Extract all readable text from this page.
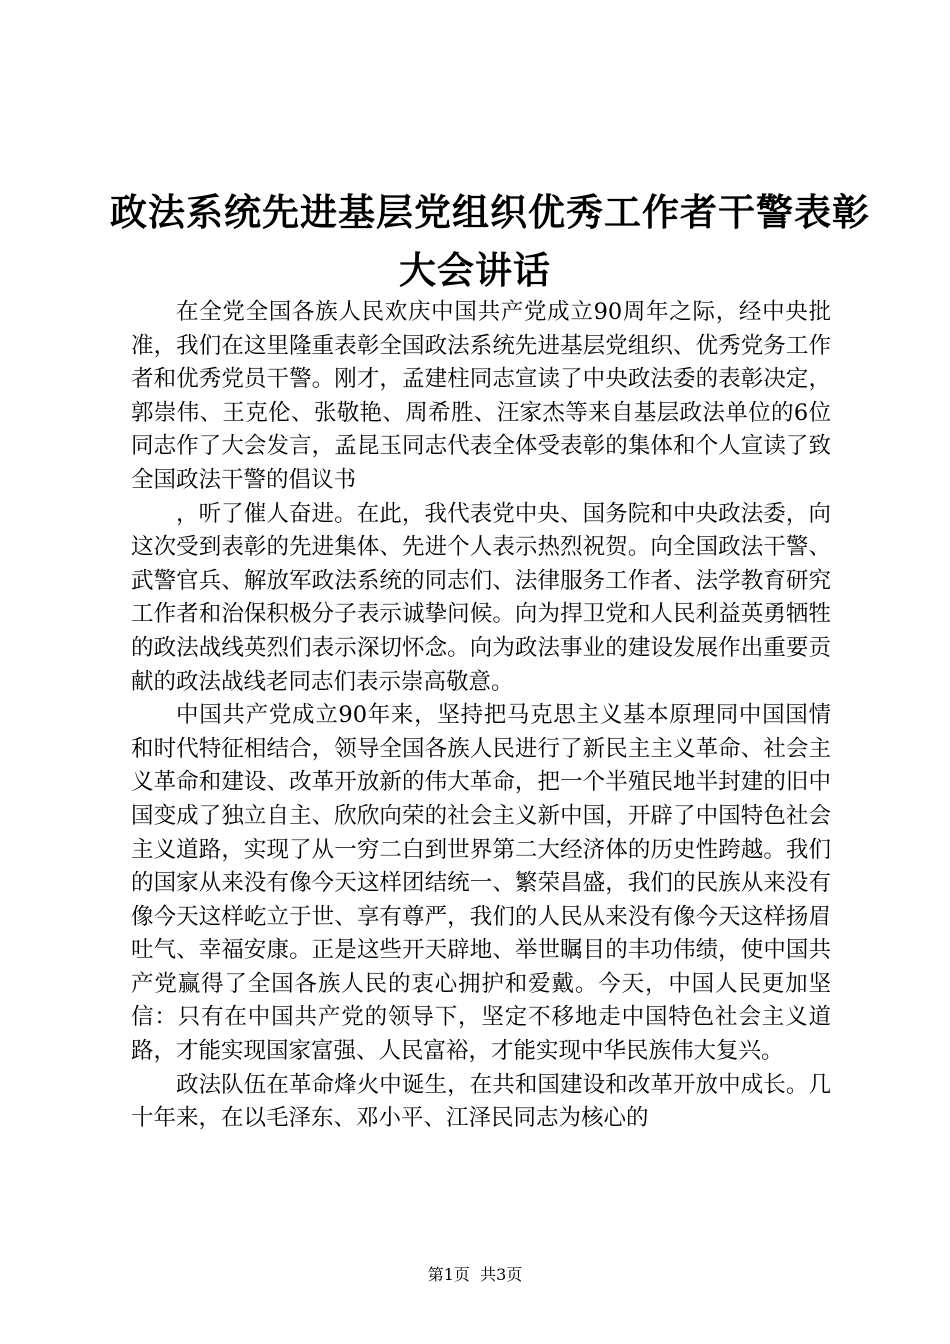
政法系统先进基层党组织优秀工作者干警表彰
大会讲话

在全党全国各族人民欢庆中国共产党成立90周年之际，经中央批准，我们在这里隆重表彰全国政法系统先进基层党组织、优秀党务工作者和优秀党员干警。刚才，孟建柱同志宣读了中央政法委的表彰决定，郭崇伟、王克伦、张敬艳、周希胜、汪家杰等来自基层政法单位的6位同志作了大会发言，孟昆玉同志代表全体受表彰的集体和个人宣读了致全国政法干警的倡议书

，听了催人奋进。在此，我代表党中央、国务院和中央政法委，向这次受到表彰的先进集体、先进个人表示热烈祝贺。向全国政法干警、武警官兵、解放军政法系统的同志们、法律服务工作者、法学教育研究工作者和治保积极分子表示诚挚问候。向为捍卫党和人民利益英勇牺牲的政法战线英烈们表示深切怀念。向为政法事业的建设发展作出重要贡献的政法战线老同志们表示崇高敬意。

中国共产党成立90年来，坚持把马克思主义基本原理同中国国情和时代特征相结合，领导全国各族人民进行了新民主主义革命、社会主义革命和建设、改革开放新的伟大革命，把一个半殖民地半封建的旧中国变成了独立自主、欣欣向荣的社会主义新中国，开辟了中国特色社会主义道路，实现了从一穷二白到世界第二大经济体的历史性跨越。我们的国家从来没有像今天这样团结统一、繁荣昌盛，我们的民族从来没有像今天这样屹立于世、享有尊严，我们的人民从来没有像今天这样扬眉吐气、幸福安康。正是这些开天辟地、举世瞩目的丰功伟绩，使中国共产党赢得了全国各族人民的衷心拥护和爱戴。今天，中国人民更加坚信：只有在中国共产党的领导下，坚定不移地走中国特色社会主义道路，才能实现国家富强、人民富裕，才能实现中华民族伟大复兴。

政法队伍在革命烽火中诞生，在共和国建设和改革开放中成长。几十年来，在以毛泽东、邓小平、江泽民同志为核心的

第1页  共3页
